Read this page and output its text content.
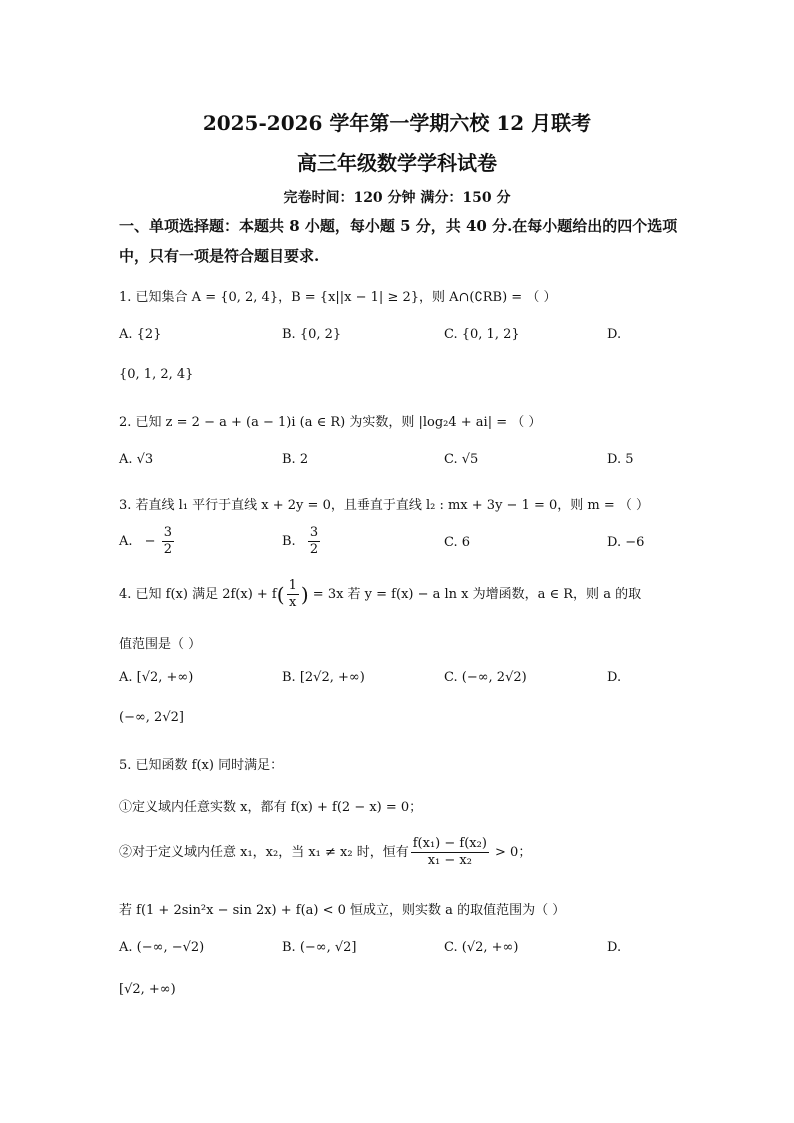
2025-2026 学年第一学期六校 12 月联考
高三年级数学学科试卷
完卷时间：120 分钟 满分：150 分
一、单项选择题：本题共 8 小题，每小题 5 分，共 40 分.在每小题给出的四个选项中，只有一项是符合题目要求.
1. 已知集合 A = {0, 2, 4}，B = {x||x − 1| ≥ 2}，则 A∩(∁RB) = （ ）
A. {2}	B. {0, 2}	C. {0, 1, 2}	D.
{0, 1, 2, 4}
2. 已知 z = 2 − a + (a − 1)i (a ∈ R) 为实数，则 |log₂4 + ai| = （ ）
A. √3	B. 2	C. √5	D. 5
3. 若直线 l₁ 平行于直线 x + 2y = 0，且垂直于直线 l₂ : mx + 3y − 1 = 0，则 m = （ ）
A. − $\frac{3}{2}$	B. $\frac{3}{2}$	C. 6	D. −6
4. 已知 f(x) 满足 $2f(x) + f( \frac{1}{x}$ ) = 3x 若 y = f(x) − a ln x 为增函数，a ∈ R，则 a 的取
值范围是（ ）
A. [√2, +∞)	B. [2√2, +∞)	C. (−∞, 2√2)	D.
(−∞, 2√2]
5. 已知函数 f(x) 同时满足：
①定义域内任意实数 x，都有 f(x) + f(2 − x) = 0；
②对于定义域内任意 x₁，x₂，当 x₁ ≠ x₂ 时，恒有 $\frac{\text{f(x₁) − f(x₂)}}{\text{x₁ − x₂}} > 0$；
若 f(1 + 2sin²x − sin 2x) + f(a) < 0 恒成立，则实数 a 的取值范围为（ ）
A. (−∞, −√2)	B. (−∞, √2]	C. (√2, +∞)	D.
[√2, +∞)
